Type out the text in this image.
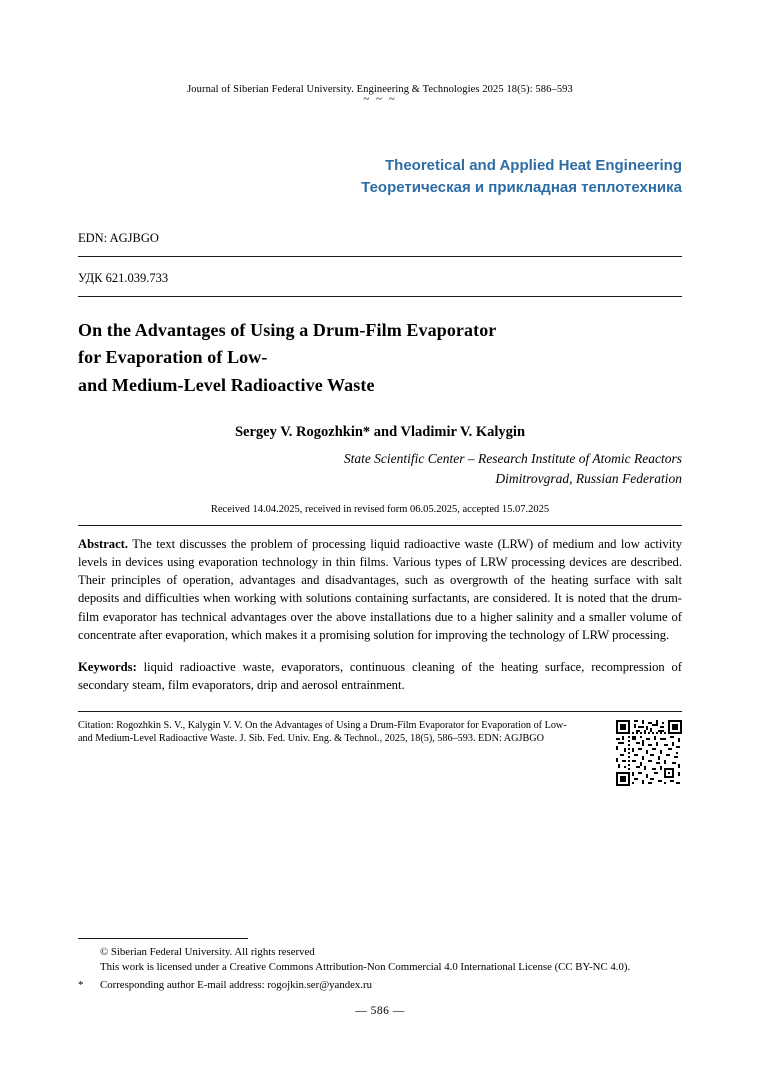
Journal of Siberian Federal University. Engineering & Technologies 2025 18(5): 586–593
~ ~ ~
Theoretical and Applied Heat Engineering
Теоретическая и прикладная теплотехника
EDN: AGJBGO
УДК 621.039.733
On the Advantages of Using a Drum-Film Evaporator
for Evaporation of Low-
and Medium-Level Radioactive Waste
Sergey V. Rogozhkin* and Vladimir V. Kalygin
State Scientific Center – Research Institute of Atomic Reactors
Dimitrovgrad, Russian Federation
Received 14.04.2025, received in revised form 06.05.2025, accepted 15.07.2025

Abstract. The text discusses the problem of processing liquid radioactive waste (LRW) of medium and low activity levels in devices using evaporation technology in thin films. Various types of LRW processing devices are described. Their principles of operation, advantages and disadvantages, such as overgrowth of the heating surface with salt deposits and difficulties when working with solutions containing surfactants, are considered. It is noted that the drum-film evaporator has technical advantages over the above installations due to a higher salinity and a smaller volume of concentrate after evaporation, which makes it a promising solution for improving the technology of LRW processing.

Keywords: liquid radioactive waste, evaporators, continuous cleaning of the heating surface, recompression of secondary steam, film evaporators, drip and aerosol entrainment.

Citation: Rogozhkin S. V., Kalygin V. V. On the Advantages of Using a Drum-Film Evaporator for Evaporation of Low- and Medium-Level Radioactive Waste. J. Sib. Fed. Univ. Eng. & Technol., 2025, 18(5), 586–593. EDN: AGJBGO
© Siberian Federal University. All rights reserved
This work is licensed under a Creative Commons Attribution-Non Commercial 4.0 International License (CC BY-NC 4.0).
* Corresponding author E-mail address: rogojkin.ser@yandex.ru
— 586 —
